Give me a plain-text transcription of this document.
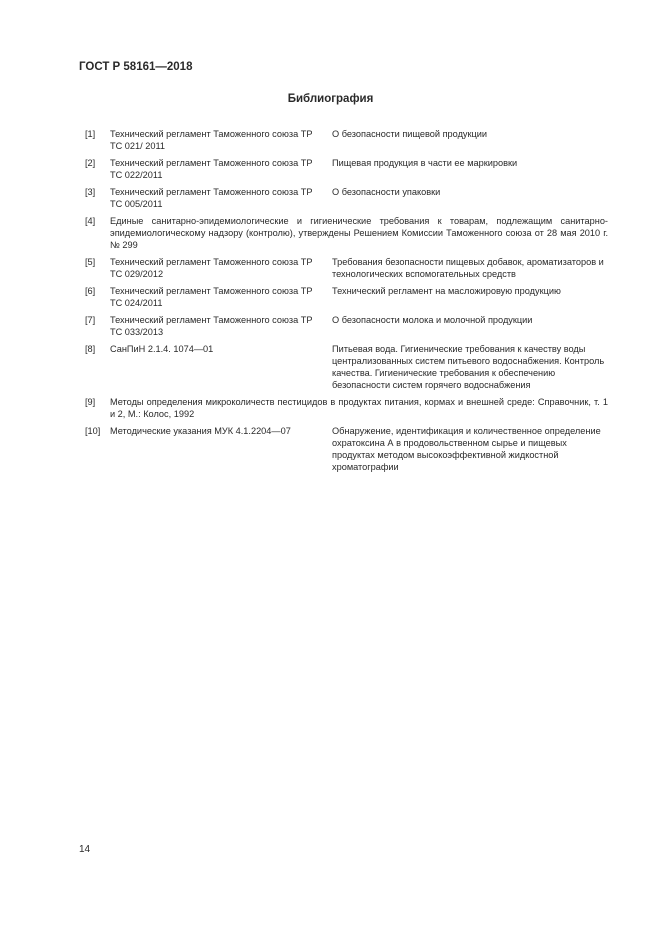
ГОСТ Р 58161—2018
Библиография
[1] Технический регламент Таможенного союза ТР ТС 021/ 2011
О безопасности пищевой продукции
[2] Технический регламент Таможенного союза ТР ТС 022/2011
Пищевая продукция в части ее маркировки
[3] Технический регламент Таможенного союза ТР ТС 005/2011
О безопасности упаковки
[4] Единые санитарно-эпидемиологические и гигиенические требования к товарам, подлежащим санитарно-эпидемиологическому надзору (контролю), утверждены Решением Комиссии Таможенного союза от 28 мая 2010 г. № 299
[5] Технический регламент Таможенного союза ТР ТС 029/2012
Требования безопасности пищевых добавок, ароматизаторов и технологических вспомогательных средств
[6] Технический регламент Таможенного союза ТР ТС 024/2011
Технический регламент на масложировую продукцию
[7] Технический регламент Таможенного союза ТР ТС 033/2013
О безопасности молока и молочной продукции
[8] СанПиН 2.1.4. 1074—01	Питьевая вода. Гигиенические требования к качеству воды централизованных систем питьевого водоснабжения. Контроль качества. Гигиенические требования к обеспечению безопасности систем горячего водоснабжения
[9] Методы определения микроколичеств пестицидов в продуктах питания, кормах и внешней среде: Справочник, т. 1 и 2, М.: Колос, 1992
[10] Методические указания МУК 4.1.2204—07	Обнаружение, идентификация и количественное определение охратоксина А в продовольственном сырье и пищевых продуктах методом высокоэффективной жидкостной хроматографии
14
